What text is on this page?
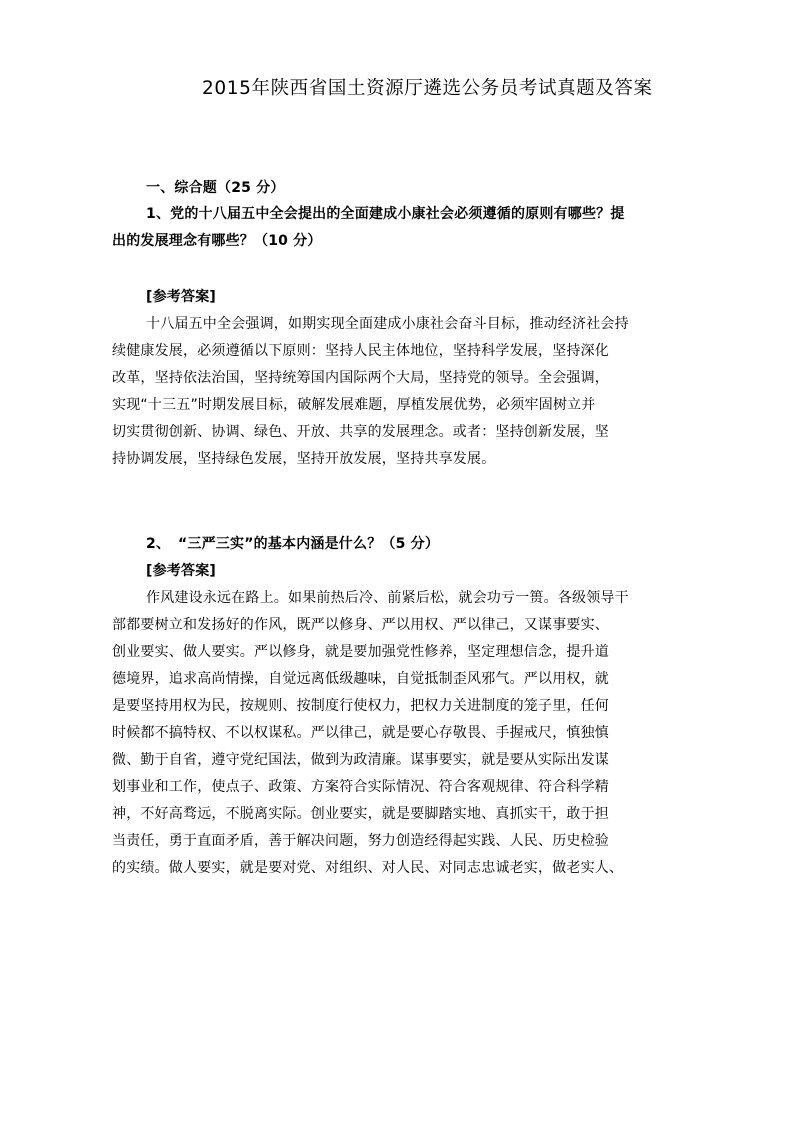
2015年陕西省国土资源厅遴选公务员考试真题及答案
一、综合题（25 分）
1、党的十八届五中全会提出的全面建成小康社会必须遵循的原则有哪些？提
出的发展理念有哪些？（10 分）
[参考答案]
十八届五中全会强调，如期实现全面建成小康社会奋斗目标，推动经济社会持
续健康发展，必须遵循以下原则：坚持人民主体地位，坚持科学发展，坚持深化
改革，坚持依法治国，坚持统筹国内国际两个大局，坚持党的领导。全会强调，
实现“十三五”时期发展目标，破解发展难题，厚植发展优势，必须牢固树立并
切实贯彻创新、协调、绿色、开放、共享的发展理念。或者：坚持创新发展，坚
持协调发展，坚持绿色发展，坚持开放发展，坚持共享发展。
2、 “三严三实”的基本内涵是什么？（5 分）
[参考答案]
作风建设永远在路上。如果前热后冷、前紧后松，就会功亏一篑。各级领导干
部都要树立和发扬好的作风，既严以修身、严以用权、严以律己，又谋事要实、
创业要实、做人要实。严以修身，就是要加强党性修养，坚定理想信念，提升道
德境界，追求高尚情操，自觉远离低级趣味，自觉抵制歪风邪气。严以用权，就
是要坚持用权为民，按规则、按制度行使权力，把权力关进制度的笼子里，任何
时候都不搞特权、不以权谋私。严以律己，就是要心存敬畏、手握戒尺，慎独慎
微、勤于自省，遵守党纪国法，做到为政清廉。谋事要实，就是要从实际出发谋
划事业和工作，使点子、政策、方案符合实际情况、符合客观规律、符合科学精
神，不好高骛远，不脱离实际。创业要实，就是要脚踏实地、真抓实干，敢于担
当责任，勇于直面矛盾，善于解决问题，努力创造经得起实践、人民、历史检验
的实绩。做人要实，就是要对党、对组织、对人民、对同志忠诚老实，做老实人、
